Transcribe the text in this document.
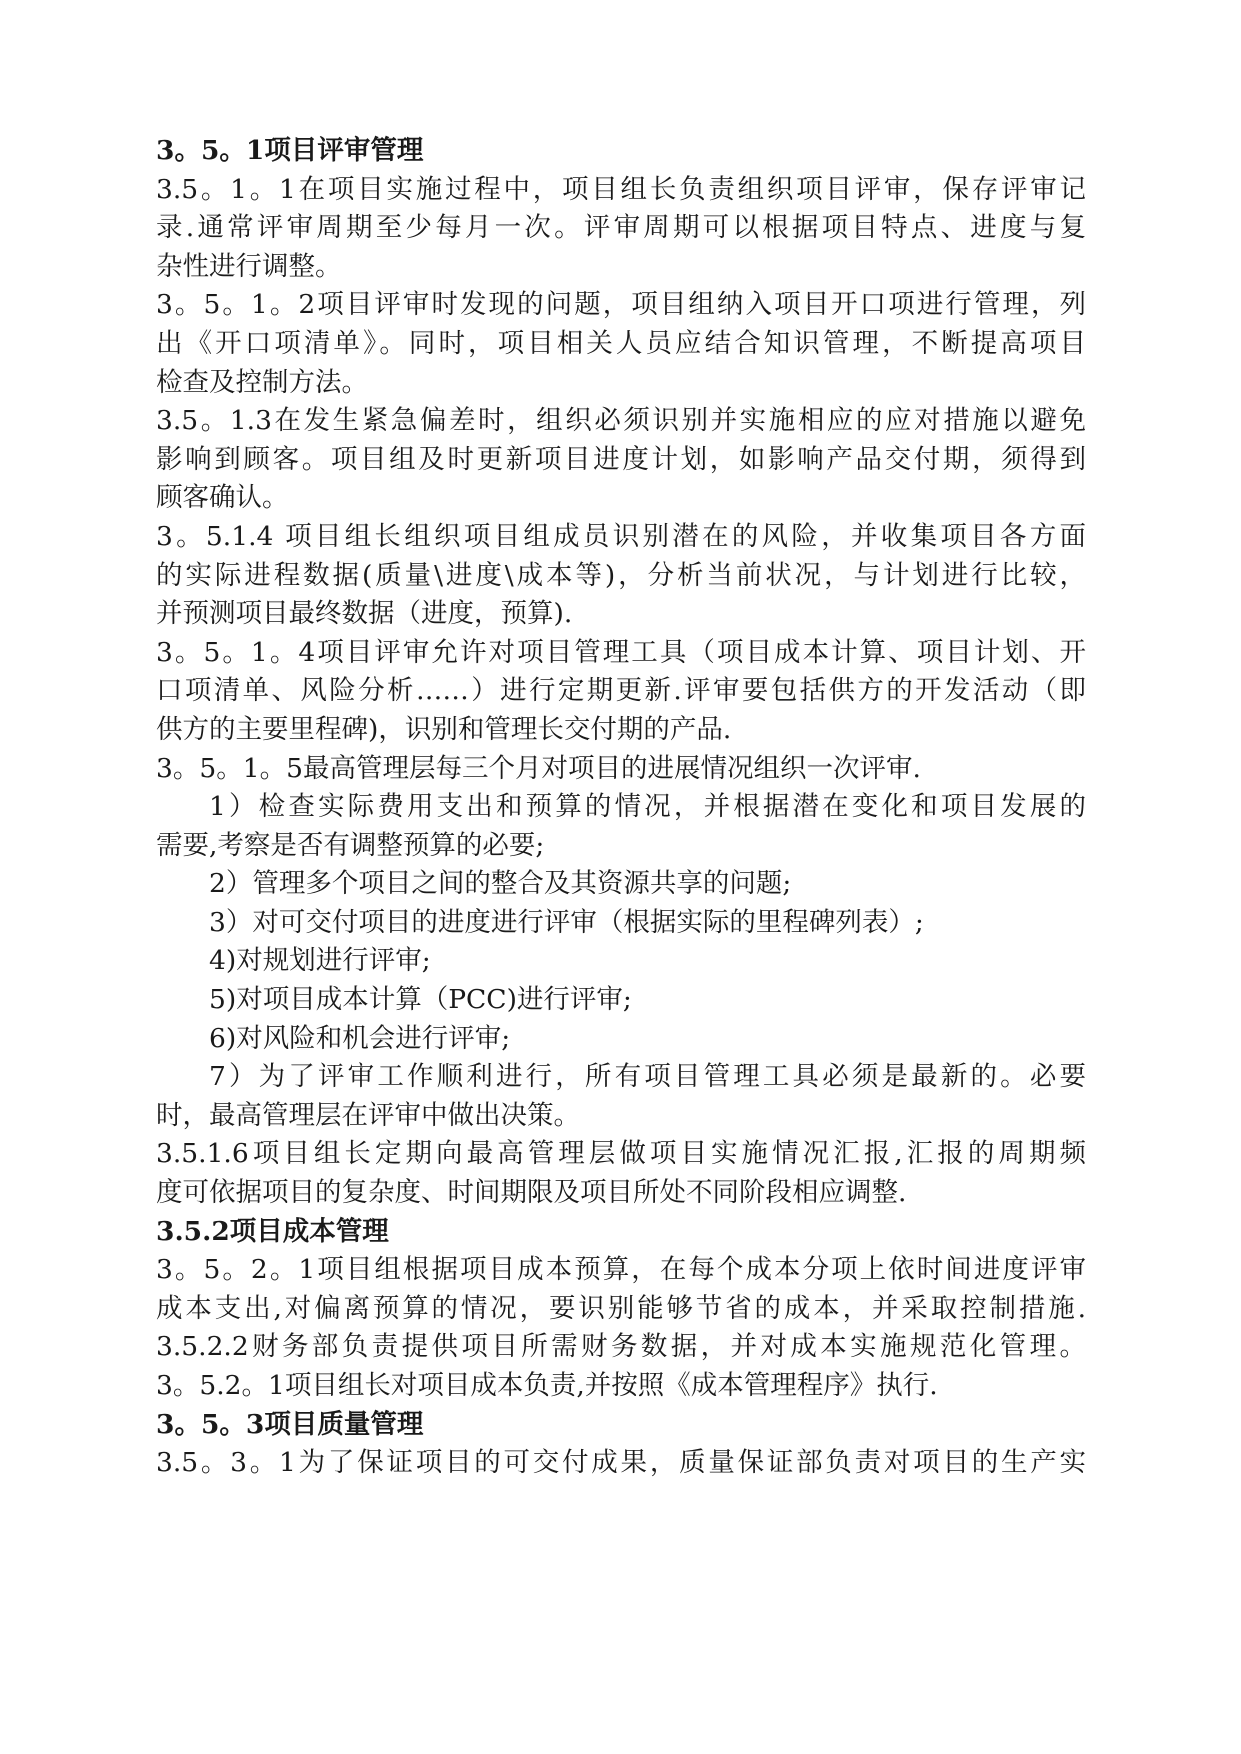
3。5。1项目评审管理
3.5。1。1在项目实施过程中，项目组长负责组织项目评审，保存评审记
录.通常评审周期至少每月一次。评审周期可以根据项目特点、进度与复
杂性进行调整。
3。5。1。2项目评审时发现的问题，项目组纳入项目开口项进行管理，列
出《开口项清单》。同时，项目相关人员应结合知识管理，不断提高项目
检查及控制方法。
3.5。1.3在发生紧急偏差时，组织必须识别并实施相应的应对措施以避免
影响到顾客。项目组及时更新项目进度计划，如影响产品交付期，须得到
顾客确认。
3。5.1.4 项目组长组织项目组成员识别潜在的风险，并收集项目各方面
的实际进程数据(质量\进度\成本等)，分析当前状况，与计划进行比较，
并预测项目最终数据（进度，预算).
3。5。1。4项目评审允许对项目管理工具（项目成本计算、项目计划、开
口项清单、风险分析……）进行定期更新.评审要包括供方的开发活动（即
供方的主要里程碑)，识别和管理长交付期的产品.
3。5。1。5最高管理层每三个月对项目的进展情况组织一次评审.
1）检查实际费用支出和预算的情况，并根据潜在变化和项目发展的
需要,考察是否有调整预算的必要;
2）管理多个项目之间的整合及其资源共享的问题;
3）对可交付项目的进度进行评审（根据实际的里程碑列表）;
4)对规划进行评审;
5)对项目成本计算（PCC)进行评审;
6)对风险和机会进行评审;
7）为了评审工作顺利进行，所有项目管理工具必须是最新的。必要
时，最高管理层在评审中做出决策。
3.5.1.6项目组长定期向最高管理层做项目实施情况汇报,汇报的周期频
度可依据项目的复杂度、时间期限及项目所处不同阶段相应调整.
3.5.2项目成本管理
3。5。2。1项目组根据项目成本预算，在每个成本分项上依时间进度评审
成本支出,对偏离预算的情况，要识别能够节省的成本，并采取控制措施.
3.5.2.2财务部负责提供项目所需财务数据，并对成本实施规范化管理。
3。5.2。1项目组长对项目成本负责,并按照《成本管理程序》执行.
3。5。3项目质量管理
3.5。3。1为了保证项目的可交付成果，质量保证部负责对项目的生产实
